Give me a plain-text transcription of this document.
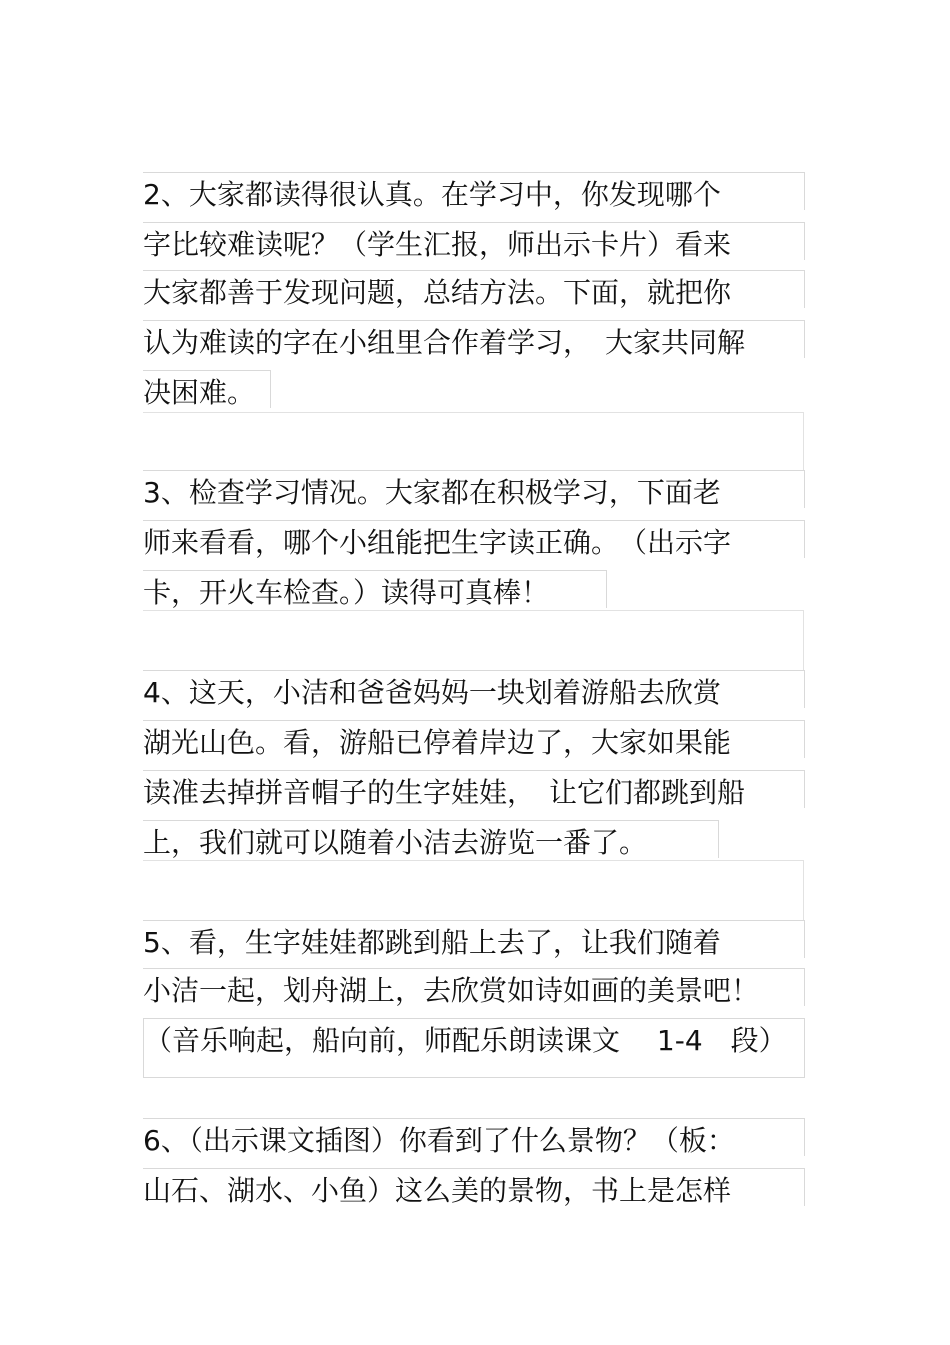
2、大家都读得很认真。在学习中，你发现哪个
字比较难读呢？（学生汇报，师出示卡片）看来
大家都善于发现问题，总结方法。下面，就把你
认为难读的字在小组里合作着学习，　大家共同解
决困难。
3、检查学习情况。大家都在积极学习，下面老
师来看看，哪个小组能把生字读正确。　（出示字
卡，开火车检查。）读得可真棒！
4、这天，小洁和爸爸妈妈一块划着游船去欣赏
湖光山色。看，游船已停着岸边了，大家如果能
读准去掉拼音帽子的生字娃娃，　让它们都跳到船
上，我们就可以随着小洁去游览一番了。
5、看，生字娃娃都跳到船上去了，让我们随着
小洁一起，划舟湖上，去欣赏如诗如画的美景吧！
（音乐响起，船向前，师配乐朗读课文　 1-4　段）
6、（出示课文插图）你看到了什么景物？（板：
山石、湖水、小鱼）这么美的景物，书上是怎样
